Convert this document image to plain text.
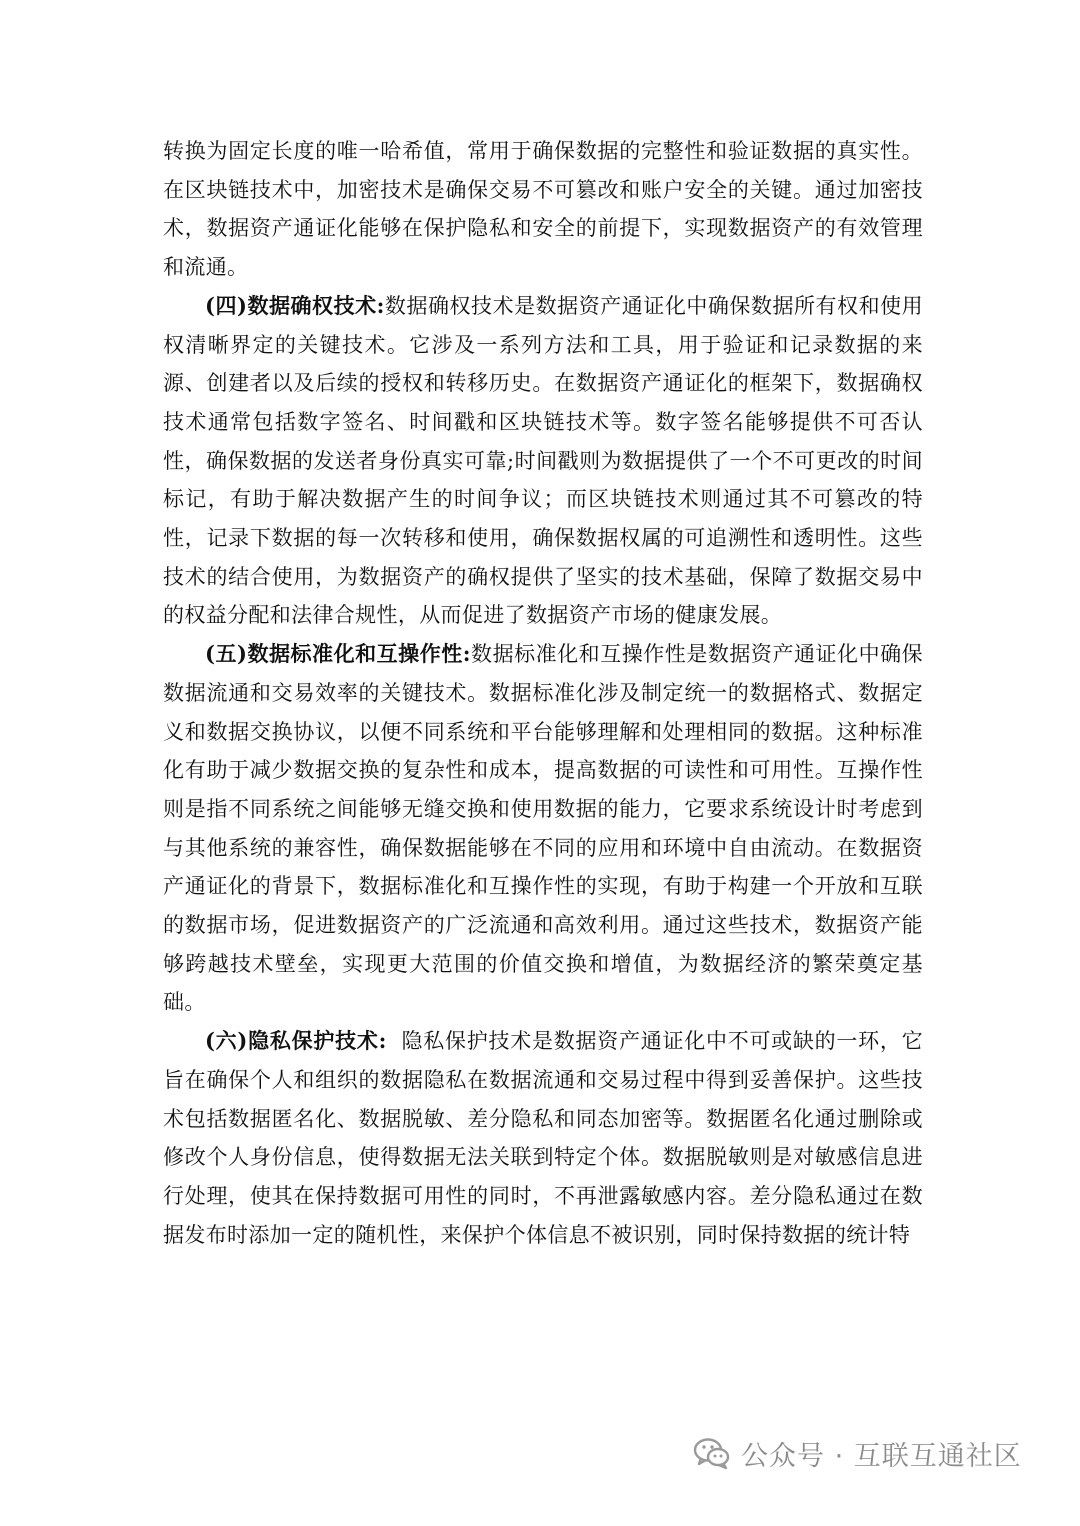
转换为固定长度的唯一哈希值，常用于确保数据的完整性和验证数据的真实性。在区块链技术中，加密技术是确保交易不可篡改和账户安全的关键。通过加密技术，数据资产通证化能够在保护隐私和安全的前提下，实现数据资产的有效管理和流通。

(四)数据确权技术:数据确权技术是数据资产通证化中确保数据所有权和使用权清晰界定的关键技术。它涉及一系列方法和工具，用于验证和记录数据的来源、创建者以及后续的授权和转移历史。在数据资产通证化的框架下，数据确权技术通常包括数字签名、时间戳和区块链技术等。数字签名能够提供不可否认性，确保数据的发送者身份真实可靠;时间戳则为数据提供了一个不可更改的时间标记，有助于解决数据产生的时间争议；而区块链技术则通过其不可篡改的特性，记录下数据的每一次转移和使用，确保数据权属的可追溯性和透明性。这些技术的结合使用，为数据资产的确权提供了坚实的技术基础，保障了数据交易中的权益分配和法律合规性，从而促进了数据资产市场的健康发展。

(五)数据标准化和互操作性:数据标准化和互操作性是数据资产通证化中确保数据流通和交易效率的关键技术。数据标准化涉及制定统一的数据格式、数据定义和数据交换协议，以便不同系统和平台能够理解和处理相同的数据。这种标准化有助于减少数据交换的复杂性和成本，提高数据的可读性和可用性。互操作性则是指不同系统之间能够无缝交换和使用数据的能力，它要求系统设计时考虑到与其他系统的兼容性，确保数据能够在不同的应用和环境中自由流动。在数据资产通证化的背景下，数据标准化和互操作性的实现，有助于构建一个开放和互联的数据市场，促进数据资产的广泛流通和高效利用。通过这些技术，数据资产能够跨越技术壁垒，实现更大范围的价值交换和增值，为数据经济的繁荣奠定基础。

(六)隐私保护技术:  隐私保护技术是数据资产通证化中不可或缺的一环，它旨在确保个人和组织的数据隐私在数据流通和交易过程中得到妥善保护。这些技术包括数据匿名化、数据脱敏、差分隐私和同态加密等。数据匿名化通过删除或修改个人身份信息，使得数据无法关联到特定个体。数据脱敏则是对敏感信息进行处理，使其在保持数据可用性的同时，不再泄露敏感内容。差分隐私通过在数据发布时添加一定的随机性，来保护个体信息不被识别，同时保持数据的统计特

公众号 · 互联互通社区
